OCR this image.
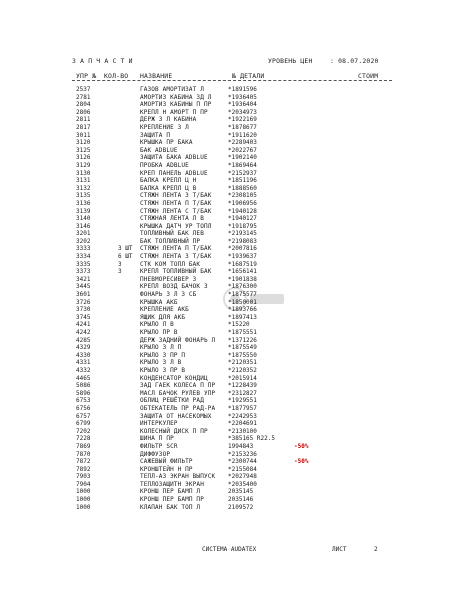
З А П Ч А С Т И	УРОВЕНЬ ЦЕН	: 08.07.2020
УПР № КОЛ-ВО НАЗВАНИЕ	№ ДЕТАЛИ	СТОИМ
2537	ГАЗОВ АМОРТИЗАТ Л	*1891596
2781	АМОРТИЗ КАБИНА ЗД Л	*1936405
2804	АМОРТИЗ КАБИНЫ П ПР	*1936404
2806	КРЕПЛ Н АМОРТ П ПР	*2034973
2811	ДЕРЖ З Л КАБИНА	*1922169
2817	КРЕПЛЕНИЕ З Л	*1878677
3011	ЗАЩИТА П	*1911620
3120	КРЫШКА ПР БАКА	*2289403
3125	БАК ADBLUE	*2022767
3126	ЗАЩИТА БАКА ADBLUE	*1902140
3129	ПРОБКА ADBLUE	*1869464
3130	КРЕП ПАНЕЛЬ ADBLUE	*2152937
3131	БАЛКА КРЕПЛ Ц Н	*1851196
3132	БАЛКА КРЕПЛ Ц В	*1888560
3135	СТЯЖН ЛЕНТА З Т/БАК	*2308105
3136	СТЯЖН ЛЕНТА П Т/БАК	*1906956
3139	СТЯЖН ЛЕНТА С Т/БАК	*1940128
3140	СТЯЖНАЯ ЛЕНТА Л В	*1940127
3146	КРЫШКА ДАТЧ УР ТОПЛ	*1918795
3201	ТОПЛИВНЫЙ БАК ЛЕВ	*2193145
3202	БАК ТОПЛИВНЫЙ ПР	*2198083
3333	3 ШТ СТЯЖН ЛЕНТА П Т/БАК	*2007816
3334	6 ШТ СТЯЖН ЛЕНТА З Т/БАК	*1939637
3335	3	СТК КОМ ТОПЛ БАК	*1687519
3373	3	КРЕПЛ ТОПЛИВНЫЙ БАК	*1656141
3421	ПНЕВМОРЕСИВЕР З	*1901838
3445	КРЕПЛ ВОЗД БАЧОК З	*1876300
3601	ФОНАРЬ З Л З СБ	*1875577
3726	КРЫШКА АКБ	*1850001
3730	КРЕПЛЕНИЕ АКБ	*1893766
3745	ЯЩИК ДЛЯ АКБ	*1897413
4241	КРЫЛО Л В	*15220
4242	КРЫЛО ПР В	*1875551
4285	ДЕРЖ ЗАДНИЙ ФОНАРЬ Л *1371226
4329	КРЫЛО З Л П	*1875549
4330	КРЫЛО З ПР П	*1875550
4331	КРЫЛО З Л В	*2120351
4332	КРЫЛО З ПР В	*2120352
4465	КОНДЕНСАТОР КОНДИЦ	*2015914
5086	ЗАД ГАЕК КОЛЕСА П ПР *1228439
5896	МАСЛ БАЧОК РУЛЕВ УПР *2312827
6753	ОБЛИЦ РЕШЁТКИ РАД	*1929551
6756	ОБТЕКАТЕЛЬ ПР РАД-РА *1877957
6757	ЗАЩИТА ОТ НАСЕКОМЫХ	*2242953
6799	ИНТЕРКУЛЕР	*2204691
7202	КОЛЕСНЫЙ ДИСК П ПР	*2130100
7228	ШИНА П ПР	*385165 R22.5
7869	ФИЛЬТР SCR	1994843	-50%
7870	ДИФФУЗОР	*2153236
7872	САЖЕВЫЙ ФИЛЬТР	*2300744	-50%
7892	КРОНШТЕЙН Н ПР	*2155084
7903	ТЕПЛ-АЗ ЭКРАН ВЫПУСК *2027948
7904	ТЕПЛОЗАЩИТН ЭКРАН	*2035400
1000	КРОНШ ПЕР БАМП Л	2035145
1000	КРОНШ ПЕР БАМП ПР	2035146
1000	КЛАПАН БАК ТОП Л	2109572
СИСТЕМА AUDATEX	ЛИСТ	2
